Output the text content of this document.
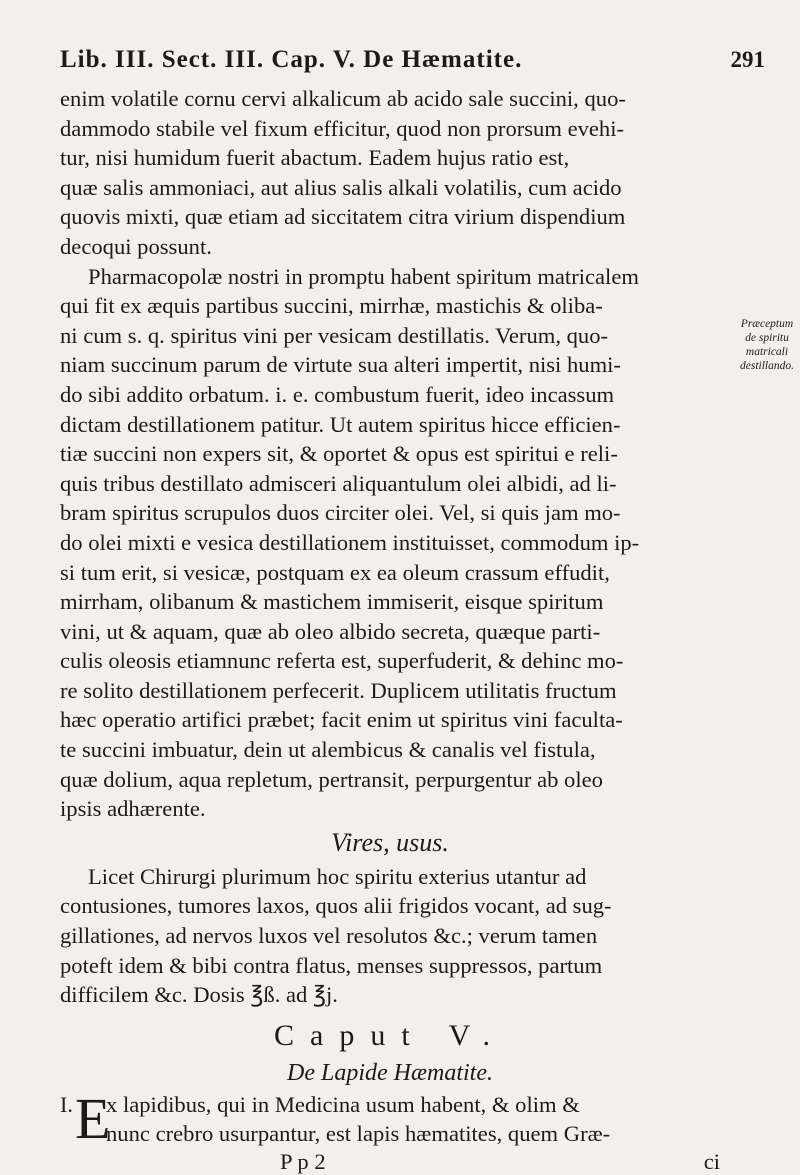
Lib. III. Sect. III. Cap. V. De Hæmatite.	291
Præceptum
de spiritu
matricali
destillando.
enim volatile cornu cervi alkalicum ab acido sale succini, quo-
dammodo stabile vel fixum efficitur, quod non prorsum evehi-
tur, nisi humidum fuerit abactum. Eadem hujus ratio est,
quæ salis ammoniaci, aut alius salis alkali volatilis, cum acido
quovis mixti, quæ etiam ad siccitatem citra virium dispendium
decoqui possunt.
Pharmacopolæ nostri in promptu habent spiritum matricalem
qui fit ex æquis partibus succini, mirrhæ, mastichis & oliba-
ni cum s. q. spiritus vini per vesicam destillatis. Verum, quo-
niam succinum parum de virtute sua alteri impertit, nisi humi-
do sibi addito orbatum. i. e. combustum fuerit, ideo incassum
dictam destillationem patitur. Ut autem spiritus hicce efficien-
tiæ succini non expers sit, & oportet & opus est spiritui e reli-
quis tribus destillato admisceri aliquantulum olei albidi, ad li-
bram spiritus scrupulos duos circiter olei. Vel, si quis jam mo-
do olei mixti e vesica destillationem instituisset, commodum ip-
si tum erit, si vesicæ, postquam ex ea oleum crassum effudit,
mirrham, olibanum & mastichem immiserit, eisque spiritum
vini, ut & aquam, quæ ab oleo albido secreta, quæque parti-
culis oleosis etiamnunc referta est, superfuderit, & dehinc mo-
re solito destillationem perfecerit. Duplicem utilitatis fructum
hæc operatio artifici præbet; facit enim ut spiritus vini faculta-
te succini imbuatur, dein ut alembicus & canalis vel fistula,
quæ dolium, aqua repletum, pertransit, perpurgentur ab oleo
ipsis adhærente.
Vires, usus.
Licet Chirurgi plurimum hoc spiritu exterius utantur ad
contusiones, tumores laxos, quos alii frigidos vocant, ad sug-
gillationes, ad nervos luxos vel resolutos &c.; verum tamen
poteft idem & bibi contra flatus, menses suppressos, partum
difficilem &c. Dosis ℥ß. ad ℥j.
Caput V.
De Lapide Hæmatite.
I. E
x lapidibus, qui in Medicina usum habent, & olim &
nunc crebro usurpantur, est lapis hæmatites, quem Græ-
P p 2	ci
